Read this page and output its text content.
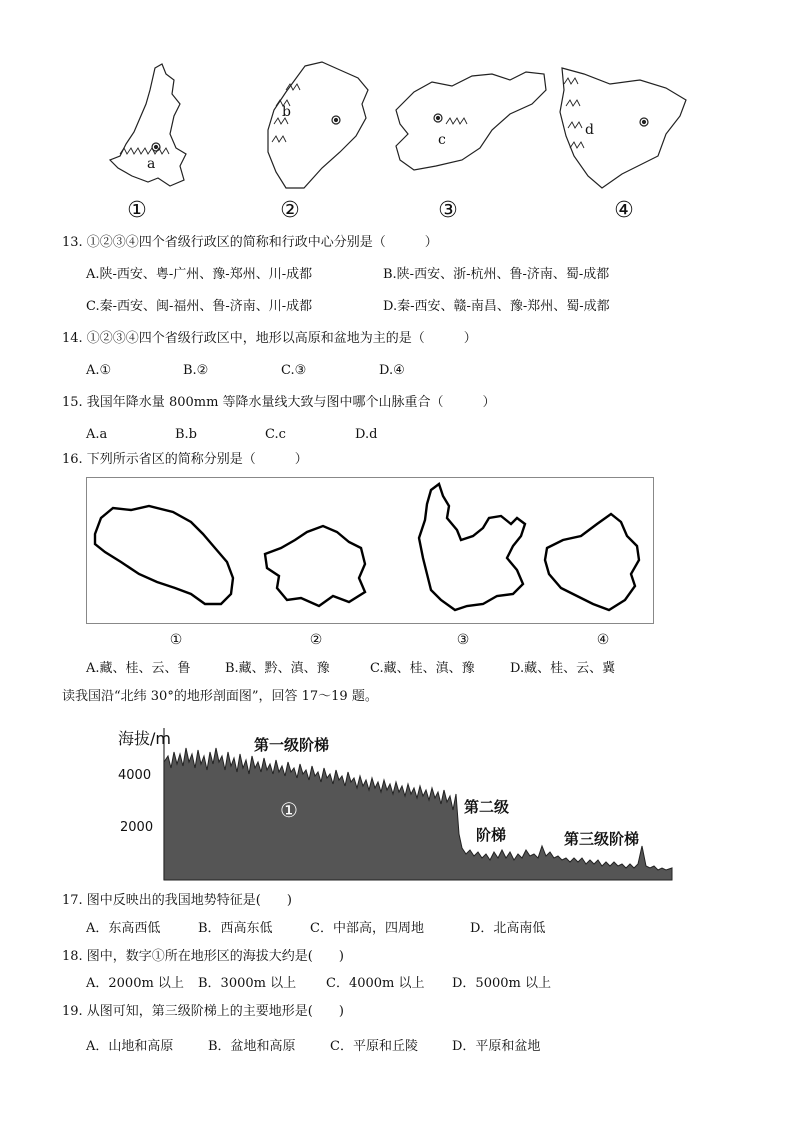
a
b
c
d
①	②	③	④
13. ①②③④四个省级行政区的简称和行政中心分别是（　　　）
A.陕-西安、粤-广州、豫-郑州、川-成都	B.陕-西安、浙-杭州、鲁-济南、蜀-成都
C.秦-西安、闽-福州、鲁-济南、川-成都	D.秦-西安、赣-南昌、豫-郑州、蜀-成都
14. ①②③④四个省级行政区中，地形以高原和盆地为主的是（　　　）
A.①	B.②	C.③	D.④
15. 我国年降水量 800mm 等降水量线大致与图中哪个山脉重合（　　　）
A.a	B.b	C.c	D.d
16. 下列所示省区的简称分别是（　　　）
①	②	③	④
A.藏、桂、云、鲁	B.藏、黔、滇、豫	C.藏、桂、滇、豫	D.藏、桂、云、冀
读我国沿“北纬 30°的地形剖面图”，回答 17～19 题。
海拔/m
4000
2000
第一级阶梯
第二级
阶梯	第三级阶梯
①
17. 图中反映出的我国地势特征是(　　)
A．东高西低	B．西高东低	C．中部高，四周地	D．北高南低
18. 图中，数字①所在地形区的海拔大约是(　　)
A．2000m 以上 B．3000m 以上 C．4000m 以上 D．5000m 以上
19. 从图可知，第三级阶梯上的主要地形是(　　)
A．山地和高原	B．盆地和高原	C．平原和丘陵	D．平原和盆地
